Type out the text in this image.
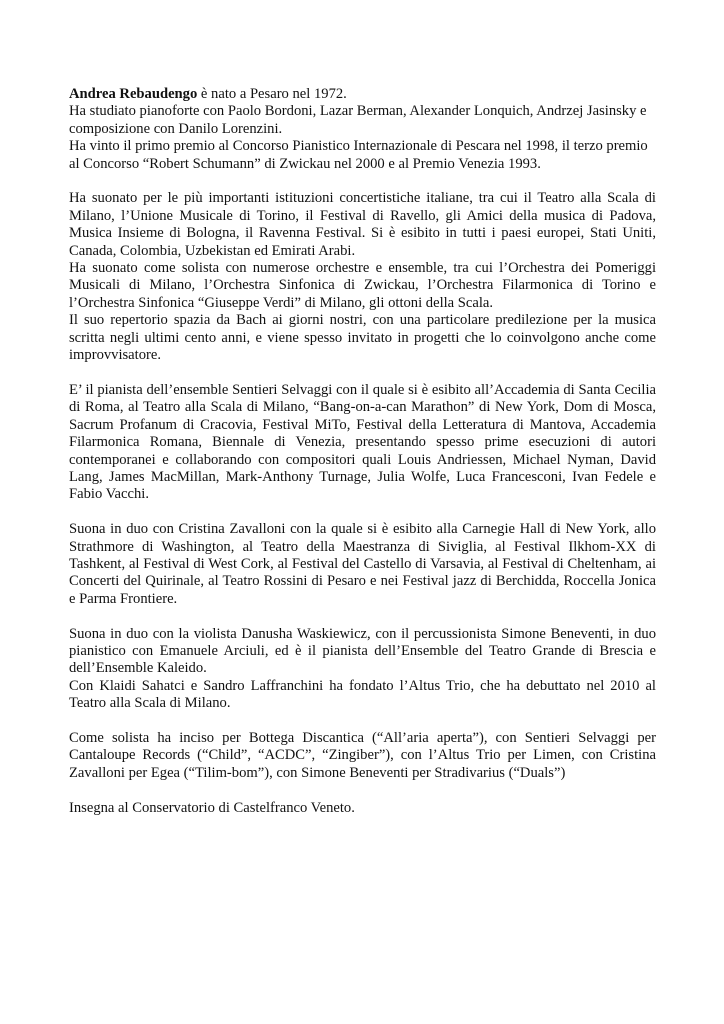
Andrea Rebaudengo è nato a Pesaro nel 1972.

Ha studiato pianoforte con Paolo Bordoni, Lazar Berman, Alexander Lonquich, Andrzej Jasinsky e composizione con Danilo Lorenzini.

Ha vinto il primo premio al Concorso Pianistico Internazionale di Pescara nel 1998, il terzo premio al Concorso “Robert Schumann” di Zwickau nel 2000 e al Premio Venezia 1993.

Ha suonato per le più importanti istituzioni concertistiche italiane, tra cui il Teatro alla Scala di Milano, l’Unione Musicale di Torino, il Festival di Ravello, gli Amici della musica di Padova, Musica Insieme di Bologna, il Ravenna Festival. Si è esibito in tutti i paesi europei, Stati Uniti, Canada, Colombia, Uzbekistan ed Emirati Arabi.

Ha suonato come solista con numerose orchestre e ensemble, tra cui l’Orchestra dei Pomeriggi Musicali di Milano, l’Orchestra Sinfonica di Zwickau, l’Orchestra Filarmonica di Torino e l’Orchestra Sinfonica “Giuseppe Verdi” di Milano, gli ottoni della Scala.

Il suo repertorio spazia da Bach ai giorni nostri, con una particolare predilezione per la musica scritta negli ultimi cento anni, e viene spesso invitato in progetti che lo coinvolgono anche come improvvisatore.

E’ il pianista dell’ensemble Sentieri Selvaggi con il quale si è esibito all’Accademia di Santa Cecilia di Roma, al Teatro alla Scala di Milano, “Bang-on-a-can Marathon” di New York, Dom di Mosca, Sacrum Profanum di Cracovia, Festival MiTo, Festival della Letteratura di Mantova, Accademia Filarmonica Romana, Biennale di Venezia, presentando spesso prime esecuzioni di autori contemporanei e collaborando con compositori quali Louis Andriessen, Michael Nyman, David Lang, James MacMillan, Mark-Anthony Turnage, Julia Wolfe, Luca Francesconi, Ivan Fedele e Fabio Vacchi.

Suona in duo con Cristina Zavalloni con la quale si è esibito alla Carnegie Hall di New York, allo Strathmore di Washington, al Teatro della Maestranza di Siviglia, al Festival Ilkhom-XX di Tashkent, al Festival di West Cork, al Festival del Castello di Varsavia, al Festival di Cheltenham, ai Concerti del Quirinale, al Teatro Rossini di Pesaro e nei Festival jazz di Berchidda, Roccella Jonica e Parma Frontiere.

Suona in duo con la violista Danusha Waskiewicz, con il percussionista Simone Beneventi, in duo pianistico con Emanuele Arciuli, ed è il pianista dell’Ensemble del Teatro Grande di Brescia e dell’Ensemble Kaleido.

Con Klaidi Sahatci e Sandro Laffranchini ha fondato l’Altus Trio, che ha debuttato nel 2010 al Teatro alla Scala di Milano.

Come solista ha inciso per Bottega Discantica (“All’aria aperta”), con Sentieri Selvaggi per Cantaloupe Records (“Child”, “ACDC”, “Zingiber”), con l’Altus Trio per Limen, con Cristina Zavalloni per Egea (“Tilim-bom”), con Simone Beneventi per Stradivarius (“Duals”)

Insegna al Conservatorio di Castelfranco Veneto.
